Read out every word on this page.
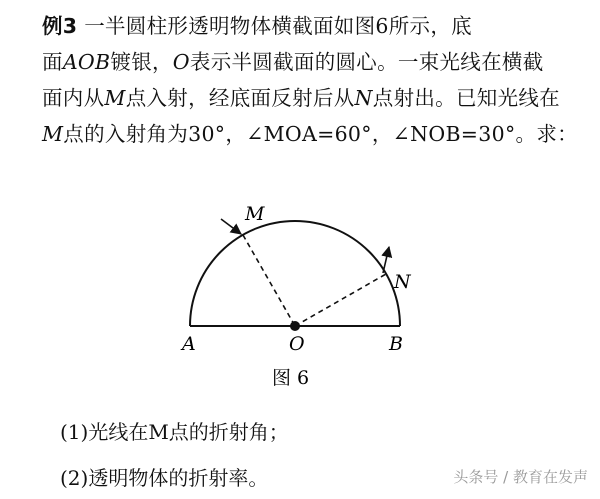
例3 一半圆柱形透明物体横截面如图6所示，底

面AOB镀银，O表示半圆截面的圆心。一束光线在横截

面内从M点入射，经底面反射后从N点射出。已知光线在

M点的入射角为30°，∠MOA=60°，∠NOB=30°。求：

M
N
A	O	B
图 6
(1)光线在M点的折射角；
(2)透明物体的折射率。	头条号 / 教育在发声
